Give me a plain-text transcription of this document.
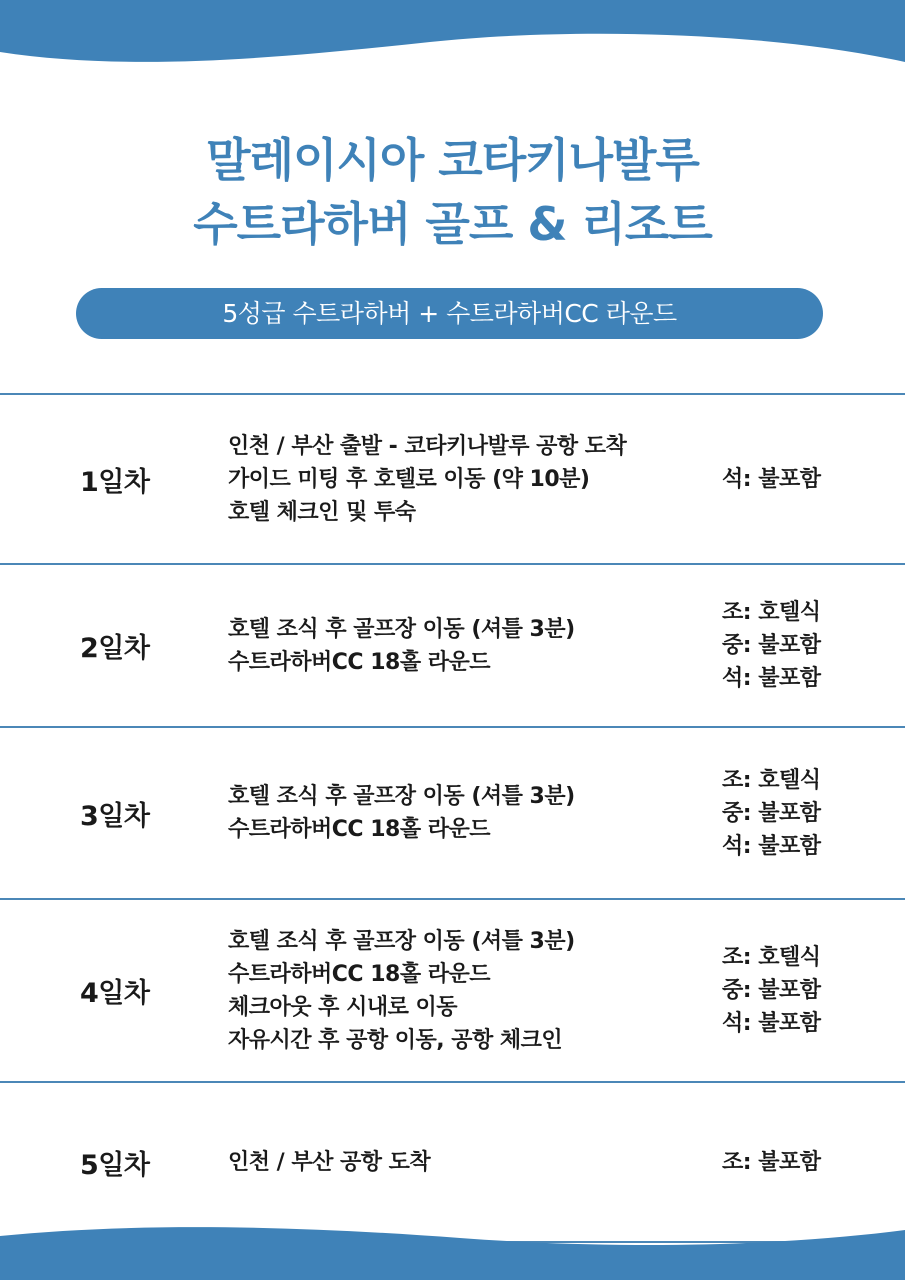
말레이시아 코타키나발루
수트라하버 골프 & 리조트
5성급 수트라하버 + 수트라하버CC 라운드
1일차
인천 / 부산 출발 - 코타키나발루 공항 도착
가이드 미팅 후 호텔로 이동 (약 10분)
호텔 체크인 및 투숙
석: 불포함
2일차
호텔 조식 후 골프장 이동 (셔틀 3분)
수트라하버CC 18홀 라운드
조: 호텔식
중: 불포함
석: 불포함
3일차
호텔 조식 후 골프장 이동 (셔틀 3분)
수트라하버CC 18홀 라운드
조: 호텔식
중: 불포함
석: 불포함
4일차
호텔 조식 후 골프장 이동 (셔틀 3분)
수트라하버CC 18홀 라운드
체크아웃 후 시내로 이동
자유시간 후 공항 이동, 공항 체크인
조: 호텔식
중: 불포함
석: 불포함
5일차	인천 / 부산 공항 도착	조: 불포함
